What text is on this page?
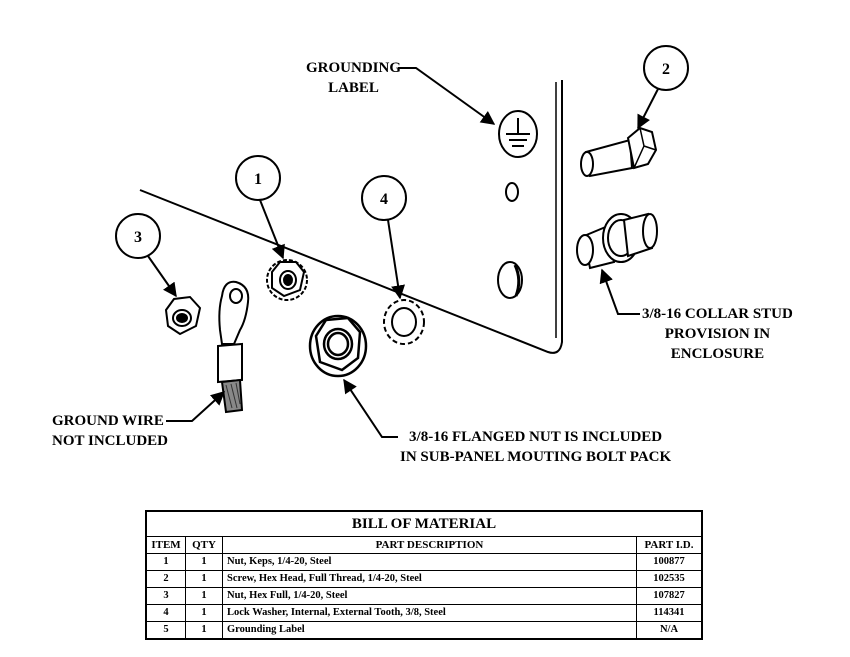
1
2
3
4
GROUNDING
LABEL
3/8-16 COLLAR STUD
PROVISION IN
ENCLOSURE
GROUND WIRE
NOT INCLUDED	3/8-16 FLANGED NUT IS INCLUDED
IN SUB-PANEL MOUTING BOLT PACK
BILL OF MATERIAL			
ITEM	QTY	PART DESCRIPTION	PART I.D.
1	1	Nut, Keps, 1/4-20, Steel	100877
2	1	Screw, Hex Head, Full Thread, 1/4-20, Steel	102535
3	1	Nut, Hex Full, 1/4-20, Steel	107827
4	1	Lock Washer, Internal, External Tooth, 3/8, Steel	114341
5	1	Grounding Label	N/A
